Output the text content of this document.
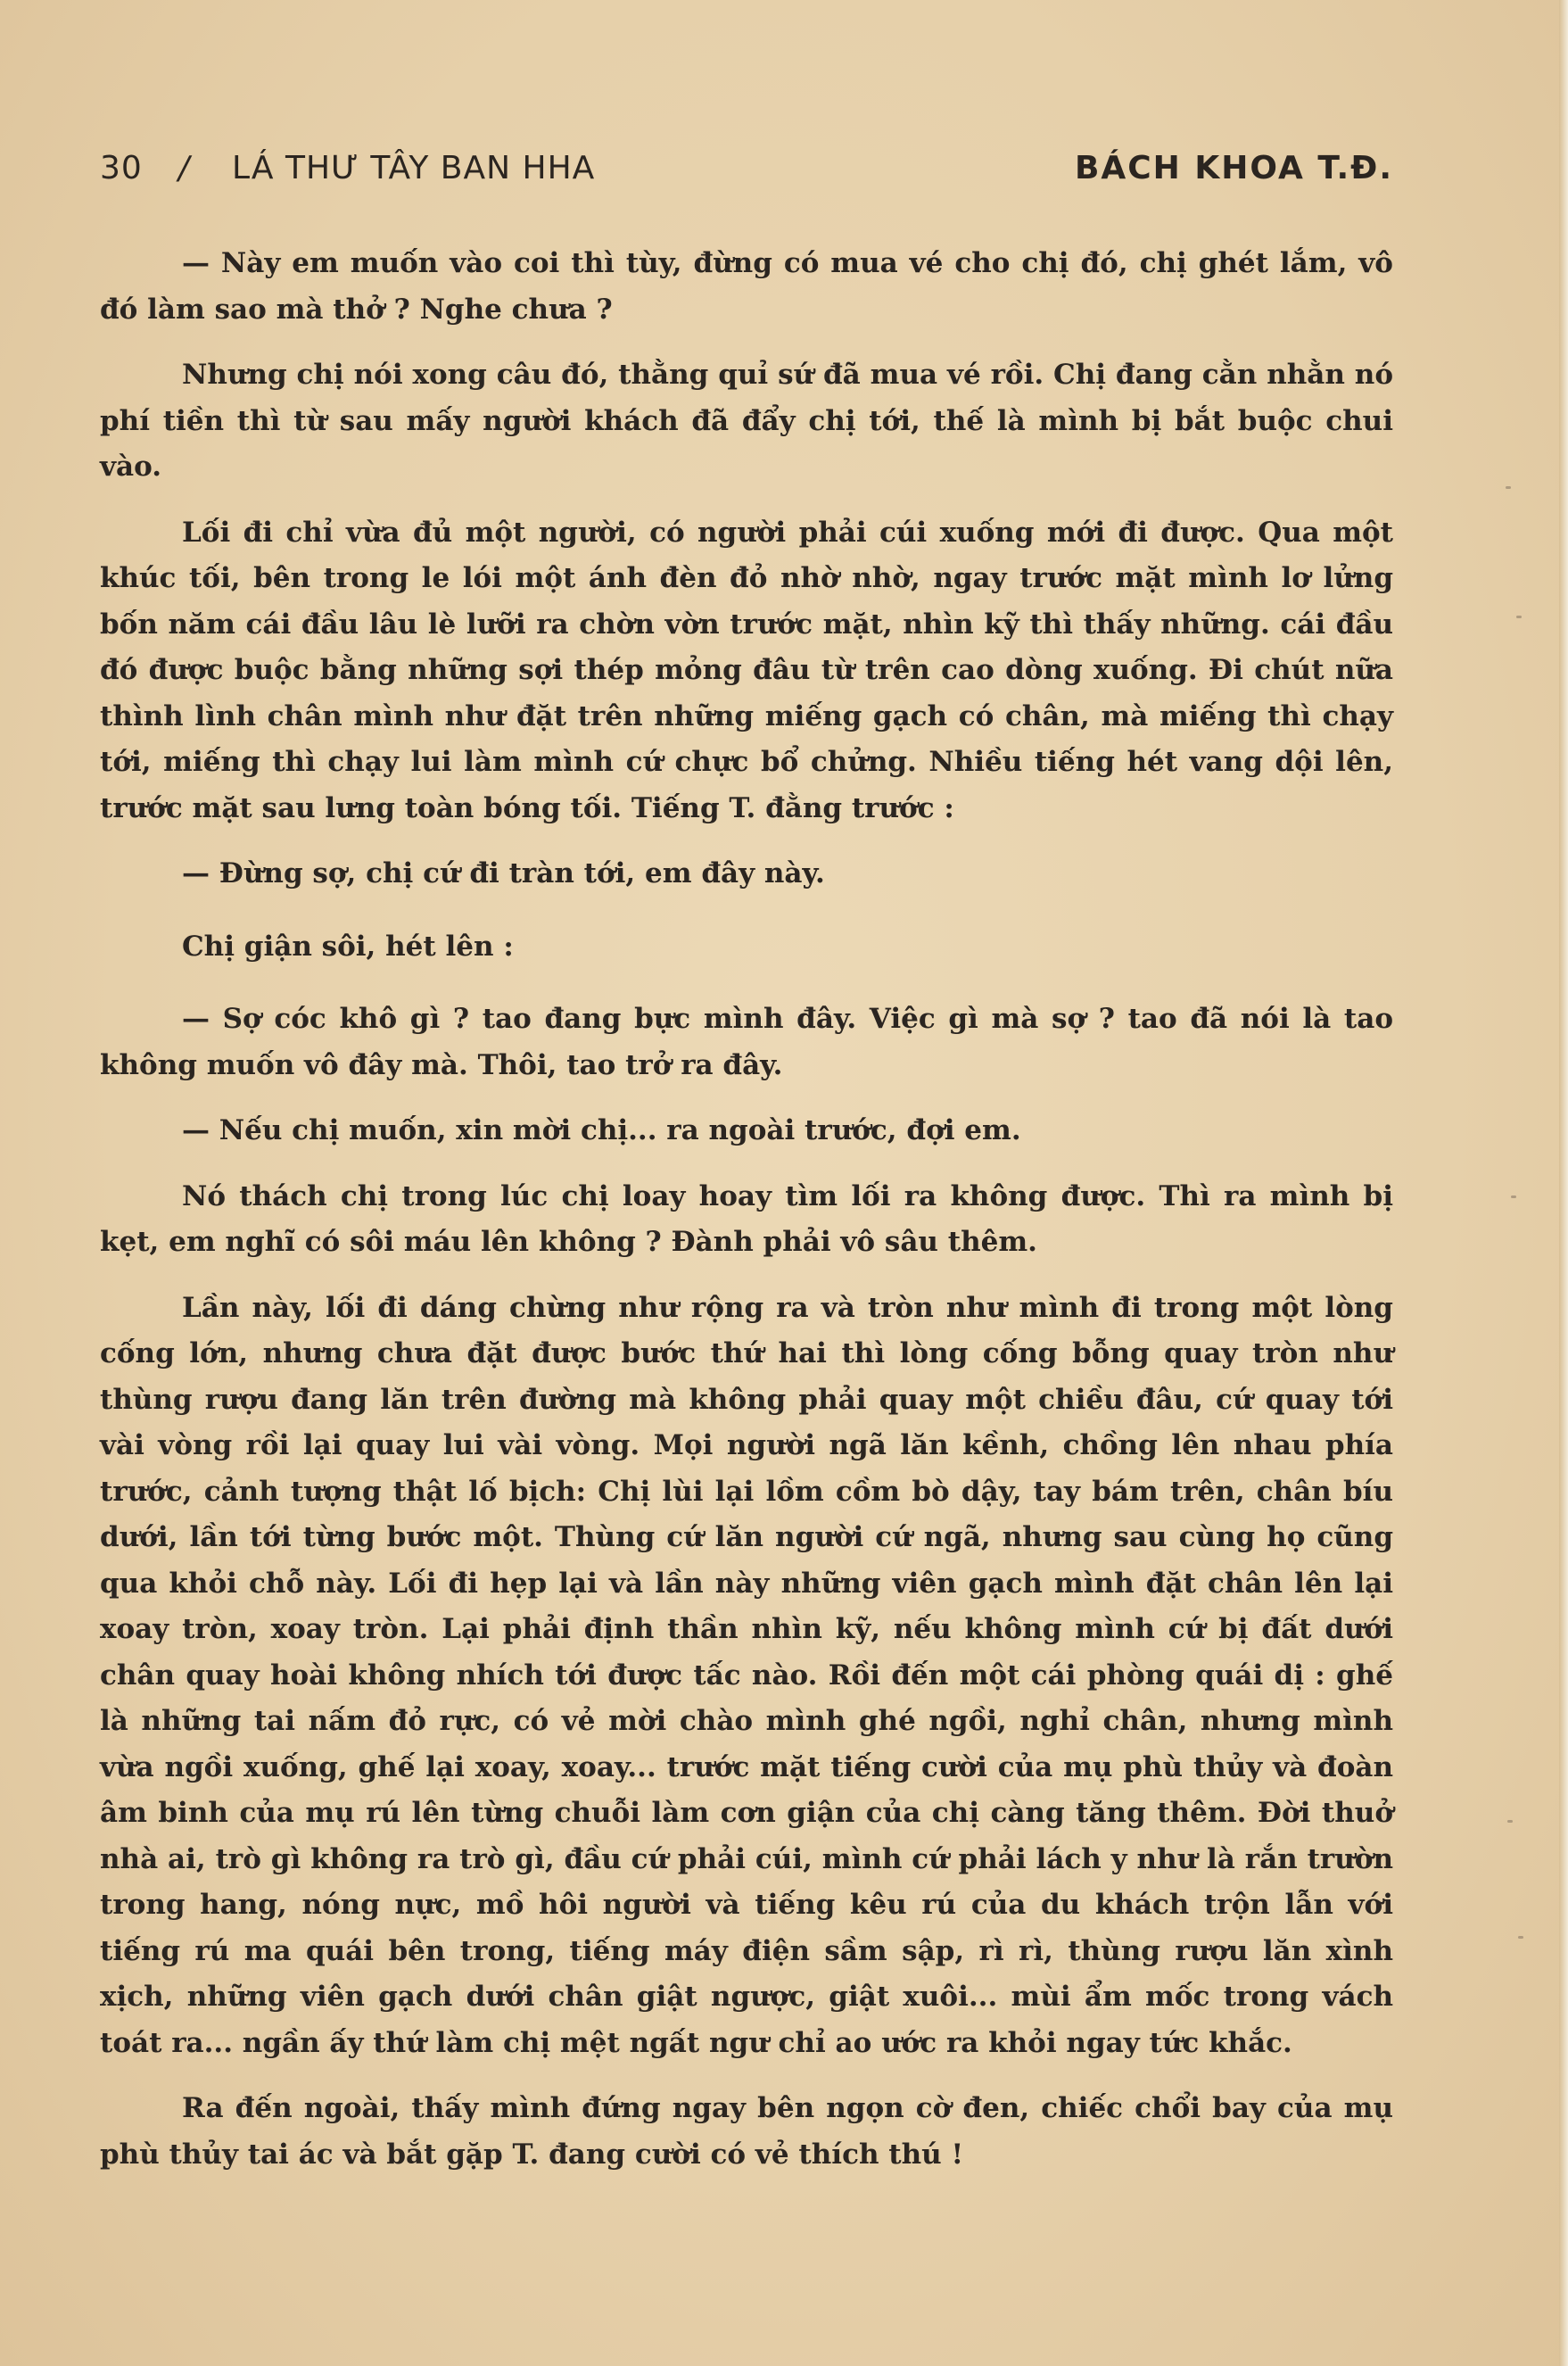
30 / LÁ THƯ TÂY BAN HHA	BÁCH KHOA T.Đ.

— Này em muốn vào coi thì tùy, đừng có mua vé cho chị đó, chị ghét lắm, vô đó làm sao mà thở ? Nghe chưa ?

Nhưng chị nói xong câu đó, thằng quỉ sứ đã mua vé rồi. Chị đang cằn nhằn nó phí tiền thì từ sau mấy người khách đã đẩy chị tới, thế là mình bị bắt buộc chui vào.

Lối đi chỉ vừa đủ một người, có người phải cúi xuống mới đi được. Qua một khúc tối, bên trong le lói một ánh đèn đỏ nhờ nhờ, ngay trước mặt mình lơ lửng bốn năm cái đầu lâu lè lưỡi ra chờn vờn trước mặt, nhìn kỹ thì thấy những. cái đầu đó được buộc bằng những sợi thép mỏng đâu từ trên cao dòng xuống. Đi chút nữa thình lình chân mình như đặt trên những miếng gạch có chân, mà miếng thì chạy tới, miếng thì chạy lui làm mình cứ chực bổ chửng. Nhiều tiếng hét vang dội lên, trước mặt sau lưng toàn bóng tối. Tiếng T. đằng trước :

— Đừng sợ, chị cứ đi tràn tới, em đây này.

Chị giận sôi, hét lên :

— Sợ cóc khô gì ? tao đang bực mình đây. Việc gì mà sợ ? tao đã nói là tao không muốn vô đây mà. Thôi, tao trở ra đây.

— Nếu chị muốn, xin mời chị... ra ngoài trước, đợi em.

Nó thách chị trong lúc chị loay hoay tìm lối ra không được. Thì ra mình bị kẹt, em nghĩ có sôi máu lên không ? Đành phải vô sâu thêm.

Lần này, lối đi dáng chừng như rộng ra và tròn như mình đi trong một lòng cống lớn, nhưng chưa đặt được bước thứ hai thì lòng cống bỗng quay tròn như thùng rượu đang lăn trên đường mà không phải quay một chiều đâu, cứ quay tới vài vòng rồi lại quay lui vài vòng. Mọi người ngã lăn kềnh, chồng lên nhau phía trước, cảnh tượng thật lố bịch: Chị lùi lại lồm cồm bò dậy, tay bám trên, chân bíu dưới, lần tới từng bước một. Thùng cứ lăn người cứ ngã, nhưng sau cùng họ cũng qua khỏi chỗ này. Lối đi hẹp lại và lần này những viên gạch mình đặt chân lên lại xoay tròn, xoay tròn. Lại phải định thần nhìn kỹ, nếu không mình cứ bị đất dưới chân quay hoài không nhích tới được tấc nào. Rồi đến một cái phòng quái dị : ghế là những tai nấm đỏ rực, có vẻ mời chào mình ghé ngồi, nghỉ chân, nhưng mình vừa ngồi xuống, ghế lại xoay, xoay... trước mặt tiếng cười của mụ phù thủy và đoàn âm binh của mụ rú lên từng chuỗi làm cơn giận của chị càng tăng thêm. Đời thuở nhà ai, trò gì không ra trò gì, đầu cứ phải cúi, mình cứ phải lách y như là rắn trườn trong hang, nóng nực, mồ hôi người và tiếng kêu rú của du khách trộn lẫn với tiếng rú ma quái bên trong, tiếng máy điện sầm sập, rì rì, thùng rượu lăn xình xịch, những viên gạch dưới chân giật ngược, giật xuôi... mùi ẩm mốc trong vách toát ra... ngần ấy thứ làm chị mệt ngất ngư chỉ ao ước ra khỏi ngay tức khắc.

Ra đến ngoài, thấy mình đứng ngay bên ngọn cờ đen, chiếc chổi bay của mụ phù thủy tai ác và bắt gặp T. đang cười có vẻ thích thú !
